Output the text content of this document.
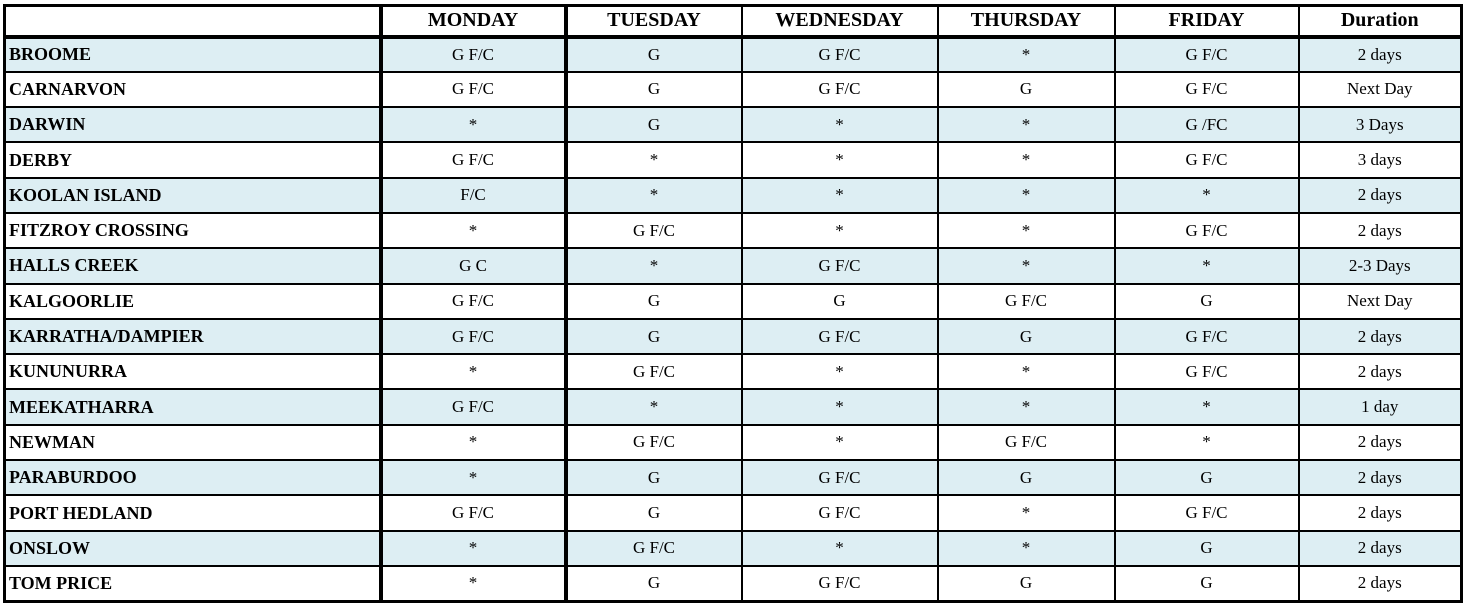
	MONDAY	TUESDAY	WEDNESDAY	THURSDAY	FRIDAY	Duration
BROOME	G F/C	G	G F/C	*	G F/C	2 days
CARNARVON	G F/C	G	G F/C	G	G F/C	Next Day
DARWIN	*	G	*	*	G /FC	3 Days
DERBY	G F/C	*	*	*	G F/C	3 days
KOOLAN ISLAND	F/C	*	*	*	*	2 days
FITZROY CROSSING	*	G F/C	*	*	G F/C	2 days
HALLS CREEK	G C	*	G F/C	*	*	2-3 Days
KALGOORLIE	G F/C	G	G	G F/C	G	Next Day
KARRATHA/DAMPIER	G F/C	G	G F/C	G	G F/C	2 days
KUNUNURRA	*	G F/C	*	*	G F/C	2 days
MEEKATHARRA	G F/C	*	*	*	*	1 day
NEWMAN	*	G F/C	*	G F/C	*	2 days
PARABURDOO	*	G	G F/C	G	G	2 days
PORT HEDLAND	G F/C	G	G F/C	*	G F/C	2 days
ONSLOW	*	G F/C	*	*	G	2 days
TOM PRICE	*	G	G F/C	G	G	2 days
